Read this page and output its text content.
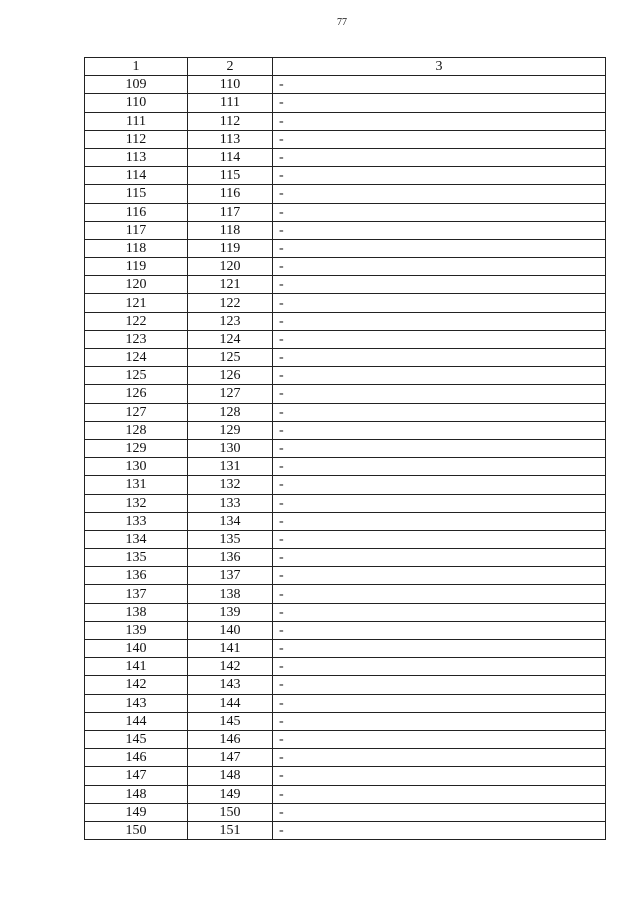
77
1	2	3
109	110	-
110	111	-
111	112	-
112	113	-
113	114	-
114	115	-
115	116	-
116	117	-
117	118	-
118	119	-
119	120	-
120	121	-
121	122	-
122	123	-
123	124	-
124	125	-
125	126	-
126	127	-
127	128	-
128	129	-
129	130	-
130	131	-
131	132	-
132	133	-
133	134	-
134	135	-
135	136	-
136	137	-
137	138	-
138	139	-
139	140	-
140	141	-
141	142	-
142	143	-
143	144	-
144	145	-
145	146	-
146	147	-
147	148	-
148	149	-
149	150	-
150	151	-
